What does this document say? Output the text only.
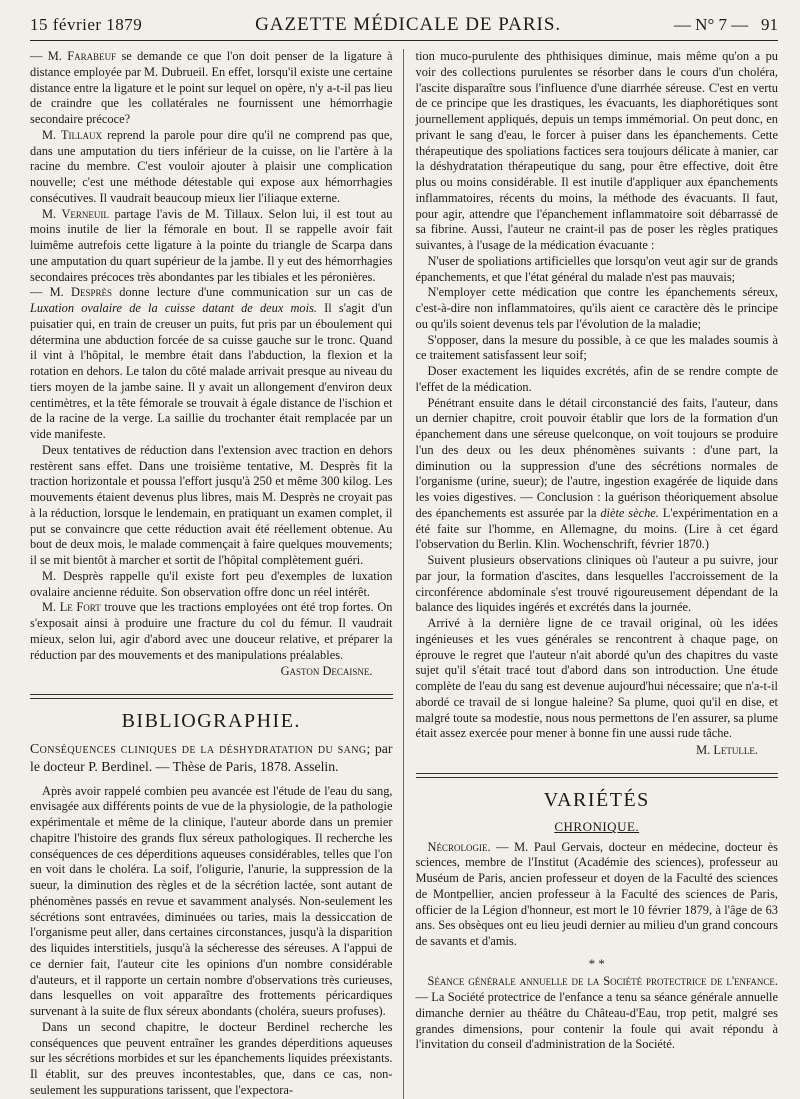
15 février 1879	GAZETTE MÉDICALE DE PARIS.	— N° 7 — 91

— M. Farabeuf se demande ce que l'on doit penser de la ligature à distance employée par M. Dubrueil. En effet, lorsqu'il existe une certaine distance entre la ligature et le point sur lequel on opère, n'y a-t-il pas lieu de craindre que les collatérales ne fournissent une hémorrhagie secondaire précoce?

M. Tillaux reprend la parole pour dire qu'il ne comprend pas que, dans une amputation du tiers inférieur de la cuisse, on lie l'artère à la racine du membre. C'est vouloir ajouter à plaisir une complication nouvelle; c'est une méthode détestable qui expose aux hémorrhagies consécutives. Il vaudrait beaucoup mieux lier l'iliaque externe.

M. Verneuil partage l'avis de M. Tillaux. Selon lui, il est tout au moins inutile de lier la fémorale en bout. Il se rappelle avoir fait luimême autrefois cette ligature à la pointe du triangle de Scarpa dans une amputation du quart supérieur de la jambe. Il y eut des hémorrhagies secondaires précoces très abondantes par les tibiales et les péronières.

— M. Desprès donne lecture d'une communication sur un cas de Luxation ovalaire de la cuisse datant de deux mois. Il s'agit d'un puisatier qui, en train de creuser un puits, fut pris par un éboulement qui détermina une abduction forcée de sa cuisse gauche sur le tronc. Quand il vint à l'hôpital, le membre était dans l'abduction, la flexion et la rotation en dehors. Le talon du côté malade arrivait presque au niveau du tiers moyen de la jambe saine. Il y avait un allongement d'environ deux centimètres, et la tête fémorale se trouvait à égale distance de l'ischion et de la racine de la verge. La saillie du trochanter était remplacée par un vide manifeste.

Deux tentatives de réduction dans l'extension avec traction en dehors restèrent sans effet. Dans une troisième tentative, M. Desprès fit la traction horizontale et poussa l'effort jusqu'à 250 et même 300 kilog. Les mouvements étaient devenus plus libres, mais M. Desprès ne croyait pas à la réduction, lorsque le lendemain, en pratiquant un examen complet, il put se convaincre que cette réduction avait été réellement obtenue. Au bout de deux mois, le malade commençait à faire quelques mouvements; il se mit bientôt à marcher et sortit de l'hôpital complètement guéri.

M. Desprès rappelle qu'il existe fort peu d'exemples de luxation ovalaire ancienne réduite. Son observation offre donc un réel intérêt.

M. Le Fort trouve que les tractions employées ont été trop fortes. On s'exposait ainsi à produire une fracture du col du fémur. Il vaudrait mieux, selon lui, agir d'abord avec une douceur relative, et préparer la réduction par des mouvements et des manipulations préalables.

Gaston Decaisne.
BIBLIOGRAPHIE.

Conséquences cliniques de la déshydratation du sang; par le docteur P. Berdinel. — Thèse de Paris, 1878. Asselin.

Après avoir rappelé combien peu avancée est l'étude de l'eau du sang, envisagée aux différents points de vue de la physiologie, de la pathologie expérimentale et même de la clinique, l'auteur aborde dans un premier chapitre l'histoire des grands flux séreux pathologiques. Il recherche les conséquences de ces déperditions aqueuses considérables, telles que l'on en voit dans le choléra. La soif, l'oligurie, l'anurie, la suppression de la sueur, la diminution des règles et de la sécrétion lactée, sont autant de phénomènes passés en revue et savamment analysés. Non-seulement les sécrétions sont entravées, diminuées ou taries, mais la dessiccation de l'organisme peut aller, dans certaines circonstances, jusqu'à la disparition des liquides interstitiels, jusqu'à la sécheresse des séreuses. A l'appui de ce dernier fait, l'auteur cite les opinions d'un nombre considérable d'auteurs, et il rapporte un certain nombre d'observations très curieuses, dans lesquelles on voit apparaître des frottements péricardiques survenant à la suite de flux séreux abondants (choléra, sueurs profuses).

Dans un second chapitre, le docteur Berdinel recherche les conséquences que peuvent entraîner les grandes déperditions aqueuses sur les sécrétions morbides et sur les épanchements liquides préexistants. Il établit, sur des preuves incontestables, que, dans ce cas, non-seulement les suppurations tarissent, que l'expectora-

tion muco-purulente des phthisiques diminue, mais même qu'on a pu voir des collections purulentes se résorber dans le cours d'un choléra, l'ascite disparaître sous l'influence d'une diarrhée séreuse. C'est en vertu de ce principe que les drastiques, les évacuants, les diaphorétiques sont journellement appliqués, depuis un temps immémorial. On peut donc, en privant le sang d'eau, le forcer à puiser dans les épanchements. Cette thérapeutique des spoliations factices sera toujours délicate à manier, car la déshydratation thérapeutique du sang, pour être effective, doit être plus ou moins considérable. Il est inutile d'appliquer aux épanchements inflammatoires, récents du moins, la méthode des évacuants. Il faut, pour agir, attendre que l'épanchement inflammatoire soit débarrassé de sa fibrine. Aussi, l'auteur ne craint-il pas de poser les règles pratiques suivantes, à l'usage de la médication évacuante :

N'user de spoliations artificielles que lorsqu'on veut agir sur de grands épanchements, et que l'état général du malade n'est pas mauvais;

N'employer cette médication que contre les épanchements séreux, c'est-à-dire non inflammatoires, qu'ils aient ce caractère dès le principe ou qu'ils soient devenus tels par l'évolution de la maladie;

S'opposer, dans la mesure du possible, à ce que les malades soumis à ce traitement satisfassent leur soif;

Doser exactement les liquides excrétés, afin de se rendre compte de l'effet de la médication.

Pénétrant ensuite dans le détail circonstancié des faits, l'auteur, dans un dernier chapitre, croit pouvoir établir que lors de la formation d'un épanchement dans une séreuse quelconque, on voit toujours se produire l'un des deux ou les deux phénomènes suivants : d'une part, la diminution ou la suppression d'une des sécrétions normales de l'organisme (urine, sueur); de l'autre, ingestion exagérée de liquide dans les voies digestives. — Conclusion : la guérison théoriquement absolue des épanchements est assurée par la diète sèche. L'expérimentation en a été faite sur l'homme, en Allemagne, du moins. (Lire à cet égard l'observation du Berlin. Klin. Wochenschrift, février 1870.)

Suivent plusieurs observations cliniques où l'auteur a pu suivre, jour par jour, la formation d'ascites, dans lesquelles l'accroissement de la circonférence abdominale s'est trouvé rigoureusement dépendant de la balance des liquides ingérés et excrétés dans la journée.

Arrivé à la dernière ligne de ce travail original, où les idées ingénieuses et les vues générales se rencontrent à chaque page, on éprouve le regret que l'auteur n'ait abordé qu'un des chapitres du vaste sujet qu'il s'était tracé tout d'abord dans son introduction. Une étude complète de l'eau du sang est devenue aujourd'hui nécessaire; que n'a-t-il abordé ce travail de si longue haleine? Sa plume, quoi qu'il en dise, et malgré toute sa modestie, nous nous permettons de l'en assurer, sa plume était assez exercée pour mener à bonne fin une aussi rude tâche.

M. Letulle.
VARIÉTÉS
CHRONIQUE.

Nécrologie. — M. Paul Gervais, docteur en médecine, docteur ès sciences, membre de l'Institut (Académie des sciences), professeur au Muséum de Paris, ancien professeur et doyen de la Faculté des sciences de Montpellier, ancien professeur à la Faculté des sciences de Paris, officier de la Légion d'honneur, est mort le 10 février 1879, à l'âge de 63 ans. Ses obsèques ont eu lieu jeudi dernier au milieu d'un grand concours de savants et d'amis.

* *

Séance générale annuelle de la Société protectrice de l'enfance. — La Société protectrice de l'enfance a tenu sa séance générale annuelle dimanche dernier au théâtre du Château-d'Eau, trop petit, malgré ses grandes dimensions, pour contenir la foule qui avait répondu à l'invitation du conseil d'administration de la Société.
